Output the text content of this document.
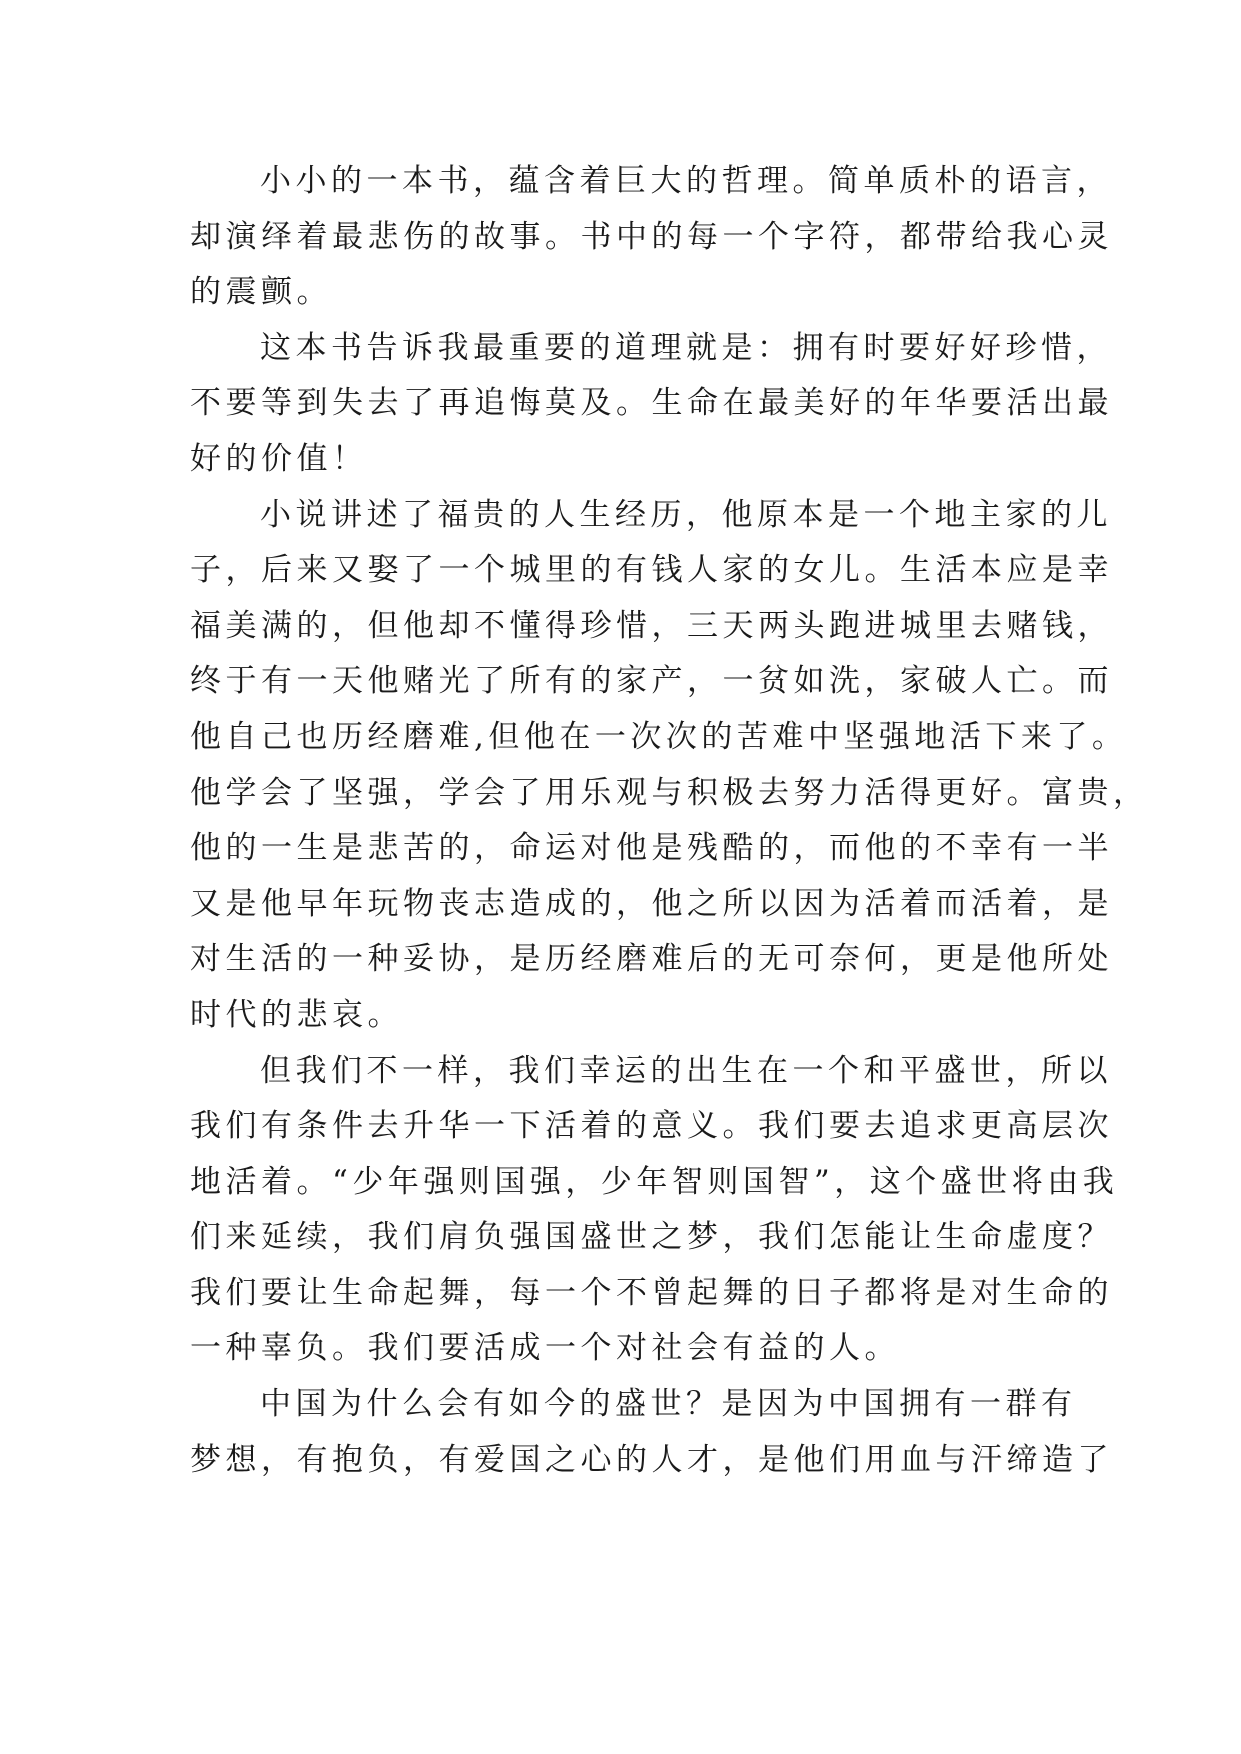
小小的一本书，蕴含着巨大的哲理。简单质朴的语言，
却演绎着最悲伤的故事。书中的每一个字符，都带给我心灵
的震颤。
这本书告诉我最重要的道理就是：拥有时要好好珍惜，
不要等到失去了再追悔莫及。生命在最美好的年华要活出最
好的价值！
小说讲述了福贵的人生经历，他原本是一个地主家的儿
子，后来又娶了一个城里的有钱人家的女儿。生活本应是幸
福美满的，但他却不懂得珍惜，三天两头跑进城里去赌钱，
终于有一天他赌光了所有的家产，一贫如洗，家破人亡。而
他自己也历经磨难,但他在一次次的苦难中坚强地活下来了。
他学会了坚强，学会了用乐观与积极去努力活得更好。富贵，
他的一生是悲苦的，命运对他是残酷的，而他的不幸有一半
又是他早年玩物丧志造成的，他之所以因为活着而活着，是
对生活的一种妥协，是历经磨难后的无可奈何，更是他所处
时代的悲哀。
但我们不一样，我们幸运的出生在一个和平盛世，所以
我们有条件去升华一下活着的意义。我们要去追求更高层次
地活着。“少年强则国强，少年智则国智”，这个盛世将由我
们来延续，我们肩负强国盛世之梦，我们怎能让生命虚度？
我们要让生命起舞，每一个不曾起舞的日子都将是对生命的
一种辜负。我们要活成一个对社会有益的人。
中国为什么会有如今的盛世？是因为中国拥有一群有
梦想，有抱负，有爱国之心的人才，是他们用血与汗缔造了
